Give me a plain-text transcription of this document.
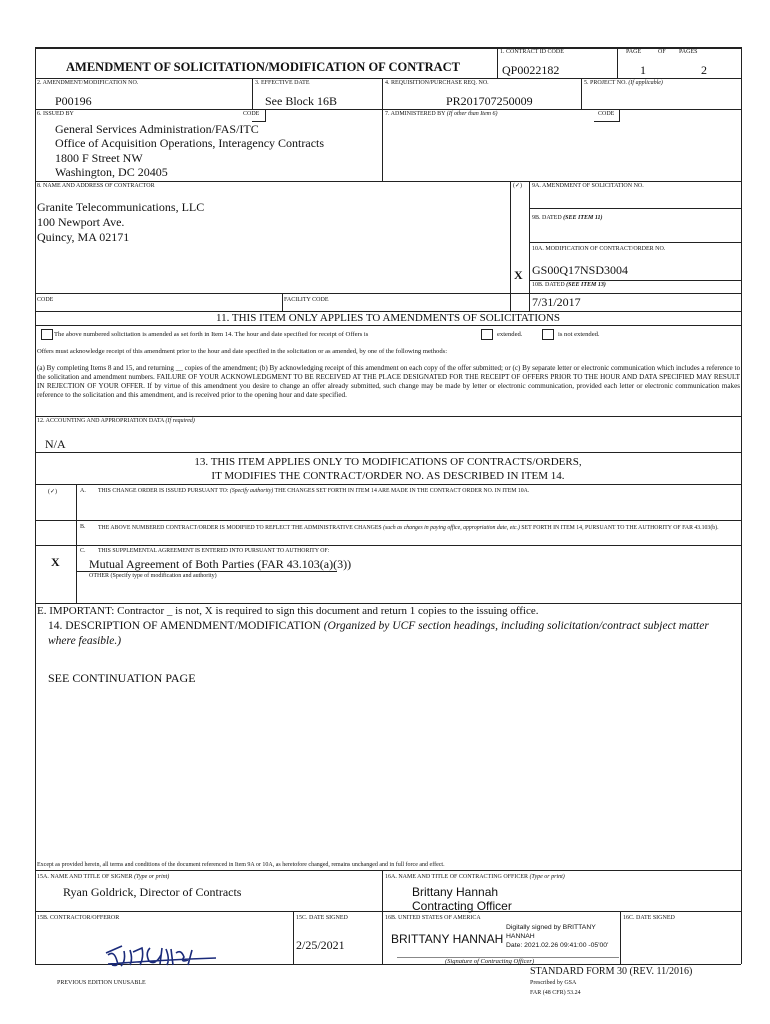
AMENDMENT OF SOLICITATION/MODIFICATION OF CONTRACT
1. CONTRACT ID CODE
QP0022182
PAGE	OF PAGES
1	2
2. AMENDMENT/MODIFICATION NO.
P00196
3. EFFECTIVE DATE
See Block 16B
4. REQUISITION/PURCHASE REQ. NO.
PR201707250009
5. PROJECT NO. (If applicable)
6. ISSUED BY	CODE
General Services Administration/FAS/ITC
Office of Acquisition Operations, Interagency Contracts
1800 F Street NW
Washington, DC 20405
7. ADMINISTERED BY (If other than Item 6)	CODE
8. NAME AND ADDRESS OF CONTRACTOR
Granite Telecommunications, LLC
100 Newport Ave.
Quincy, MA 02171
(✓) 9A. AMENDMENT OF SOLICITATION NO.
9B. DATED (SEE ITEM 11)
10A. MODIFICATION OF CONTRACT/ORDER NO.
X GS00Q17NSD3004
10B. DATED (SEE ITEM 13)
7/31/2017
CODE	FACILITY CODE
11. THIS ITEM ONLY APPLIES TO AMENDMENTS OF SOLICITATIONS
The above numbered solicitation is amended as set forth in Item 14. The hour and date specified for receipt of Offers is	extended.	is not extended.
Offers must acknowledge receipt of this amendment prior to the hour and date specified in the solicitation or as amended, by one of the following methods:
(a) By completing Items 8 and 15, and returning __ copies of the amendment; (b) By acknowledging receipt of this amendment on each copy of the offer submitted; or (c) By separate letter or electronic communication which includes a reference to the solicitation and amendment numbers. FAILURE OF YOUR ACKNOWLEDGMENT TO BE RECEIVED AT THE PLACE DESIGNATED FOR THE RECEIPT OF OFFERS PRIOR TO THE HOUR AND DATA SPECIFIED MAY RESULT IN REJECTION OF YOUR OFFER. If by virtue of this amendment you desire to change an offer already submitted, such change may be made by letter or electronic communication, provided each letter or electronic communication makes reference to the solicitation and this amendment, and is received prior to the opening hour and date specified.
12. ACCOUNTING AND APPROPRIATION DATA (If required)
N/A
13. THIS ITEM APPLIES ONLY TO MODIFICATIONS OF CONTRACTS/ORDERS,
IT MODIFIES THE CONTRACT/ORDER NO. AS DESCRIBED IN ITEM 14.
(✓)	A. THIS CHANGE ORDER IS ISSUED PURSUANT TO: (Specify authority) THE CHANGES SET FORTH IN ITEM 14 ARE MADE IN THE CONTRACT ORDER NO. IN ITEM 10A.
B. THE ABOVE NUMBERED CONTRACT/ORDER IS MODIFIED TO REFLECT THE ADMINISTRATIVE CHANGES (such as changes in paying office, appropriation date, etc.) SET FORTH IN ITEM 14, PURSUANT TO THE AUTHORITY OF FAR 43.103(b).
C. THIS SUPPLEMENTAL AGREEMENT IS ENTERED INTO PURSUANT TO AUTHORITY OF:
X Mutual Agreement of Both Parties (FAR 43.103(a)(3))
OTHER (Specify type of modification and authority)
E. IMPORTANT: Contractor _ is not, X is required to sign this document and return 1 copies to the issuing office.
14. DESCRIPTION OF AMENDMENT/MODIFICATION (Organized by UCF section headings, including solicitation/contract subject matter where feasible.)
SEE CONTINUATION PAGE
Except as provided herein, all terms and conditions of the document referenced in Item 9A or 10A, as heretofore changed, remains unchanged and in full force and effect.
15A. NAME AND TITLE OF SIGNER (Type or print)
Ryan Goldrick, Director of Contracts
16A. NAME AND TITLE OF CONTRACTING OFFICER (Type or print)
Brittany Hannah
Contracting Officer
15B. CONTRACTOR/OFFEROR	15C. DATE SIGNED
2/25/2021
16B. UNITED STATES OF AMERICA	16C. DATE SIGNED
BRITTANY HANNAH
Digitally signed by BRITTANY
HANNAH
Date: 2021.02.26 09:41:00 -05'00'
(Signature of Contracting Officer)
PREVIOUS EDITION UNUSABLE
STANDARD FORM 30 (REV. 11/2016)
Prescribed by GSA
FAR (48 CFR) 53.24
